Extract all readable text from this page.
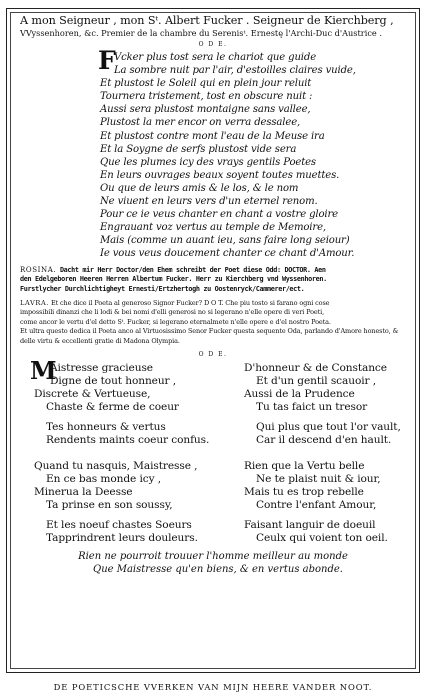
A mon Seigneur , mon Sᵗ. Albert Fucker . Seigneur de Kierchberg ,
VVyssenhoren, &c. Premier de la chambre du Serenisᵗ. Ernestę l'Archi-Duc d'Austrice .
O D E.
F
Vcker plus tost sera le chariot que guide
La sombre nuit par l'air, d'estoilles claires vuide,
Et plustost le Soleil qui en plein jour reluit
Tournera tristement, tost en obscure nuit :
Aussi sera plustost montaigne sans vallee,
Plustost la mer encor on verra dessalee,
Et plustost contre mont l'eau de la Meuse ira
Et la Soygne de serfs plustost vide sera
Que les plumes icy des vrays gentils Poetes
En leurs ouvrages beaux soyent toutes muettes.
Ou que de leurs amis & le los, & le nom
Ne viuent en leurs vers d'un eternel renom.
Pour ce ie veus chanter en chant a vostre gloire
Engrauant voz vertus au temple de Memoire,
Mais (comme un auant ieu, sans faire long seiour)
Ie vous veus doucement chanter ce chant d'Amour.
ROSINA. Dacht mir Herr Doctor/den Ehem schreibt der Poet diese Odd: DOCTOR. Aen
den Edelgeboren Heeren Herren Albertum Fucker. Herr zu Kierchberg vnd Wyssenhoren.
Furstlycher Durchlichtigheyt Ernesti/Ertzhertogh zu Oostenryck/Cammerer/ect.
LAVRA. Et che dice il Poeta al generoso Signor Fucker? D O T. Che piu tosto si farano ogni cose
impossibili dinanzi che li lodi & bei nomi d'elli generosi no si legerano n'elle opere di veri Poeti,
come ancor le vertu d'el detto Sᵗ. Fucker, si legerano eternalmete n'elle opere e d'el nostro Poeta.
Et ultra questo dedica il Poeta anco al Virtuosissimo Senor Fucker questa sequente Oda, parlando d'Amore honesto, & delle virtu & eccellenti gratie di Madona Olympia.
O D E.
M
Aistresse gracieuse
Digne de tout honneur ,
Discrete & Vertueuse,
Chaste & ferme de coeur
Tes honneurs & vertus
Rendents maints coeur confus.
Quand tu nasquis, Maistresse ,
En ce bas monde icy ,
Minerua la Deesse
Ta prinse en son soussy,
Et les noeuf chastes Soeurs
Tapprindrent leurs douleurs.
D'honneur & de Constance
Et d'un gentil scauoir ,
Aussi de la Prudence
Tu tas faict un tresor
Qui plus que tout l'or vault,
Car il descend d'en hault.
Rien que la Vertu belle
Ne te plaist nuit & iour,
Mais tu es trop rebelle
Contre l'enfant Amour,
Faisant languir de doeuil
Ceulx qui voient ton oeil.
Rien ne pourroit trouuer l'homme meilleur au monde
Que Maistresse qu'en biens, & en vertus abonde.
DE POETICSCHE VVERKEN VAN MIJN HEERE VANDER NOOT.
